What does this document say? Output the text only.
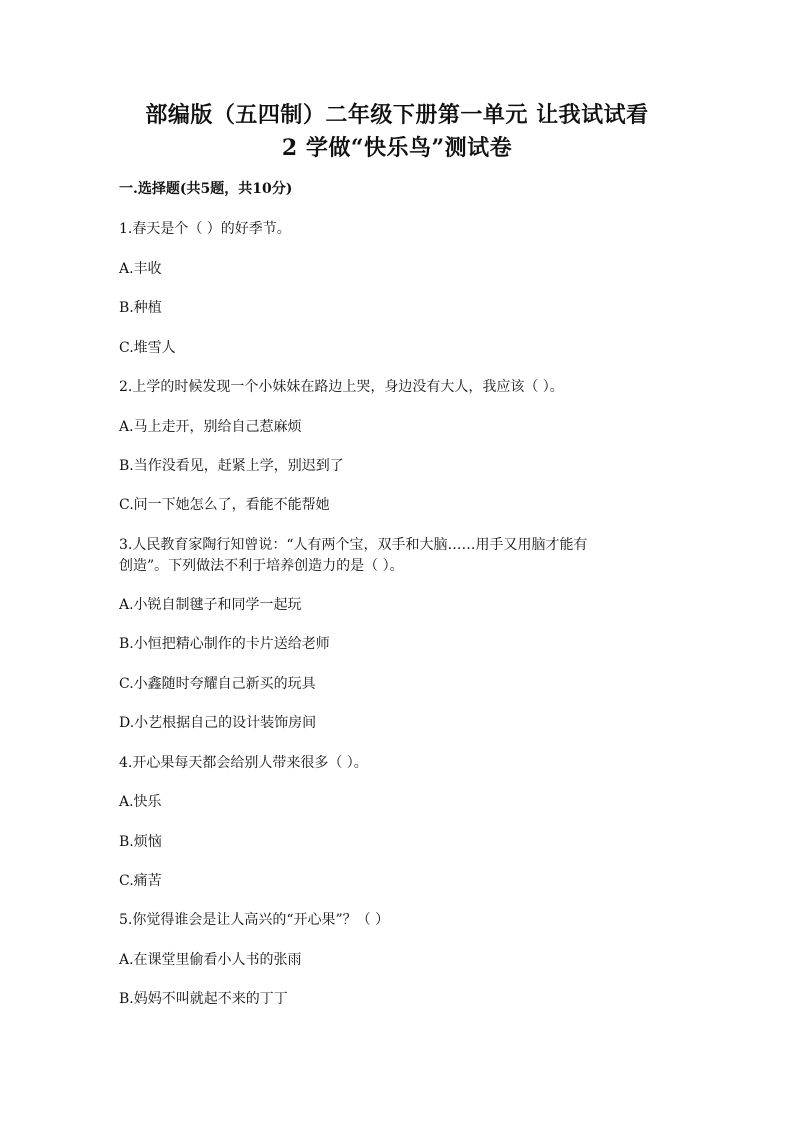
部编版（五四制）二年级下册第一单元 让我试试看
2 学做“快乐鸟”测试卷
一.选择题(共5题，共10分)
1.春天是个（ ）的好季节。
A.丰收
B.种植
C.堆雪人
2.上学的时候发现一个小妹妹在路边上哭，身边没有大人，我应该（ ）。
A.马上走开，别给自己惹麻烦
B.当作没看见，赶紧上学，别迟到了
C.问一下她怎么了，看能不能帮她
3.人民教育家陶行知曾说：“人有两个宝，双手和大脑……用手又用脑才能有
创造”。下列做法不利于培养创造力的是（ ）。
A.小锐自制毽子和同学一起玩
B.小恒把精心制作的卡片送给老师
C.小鑫随时夸耀自己新买的玩具
D.小艺根据自己的设计装饰房间
4.开心果每天都会给别人带来很多（ ）。
A.快乐
B.烦恼
C.痛苦
5.你觉得谁会是让人高兴的“开心果”？（ ）
A.在课堂里偷看小人书的张雨
B.妈妈不叫就起不来的丁丁
